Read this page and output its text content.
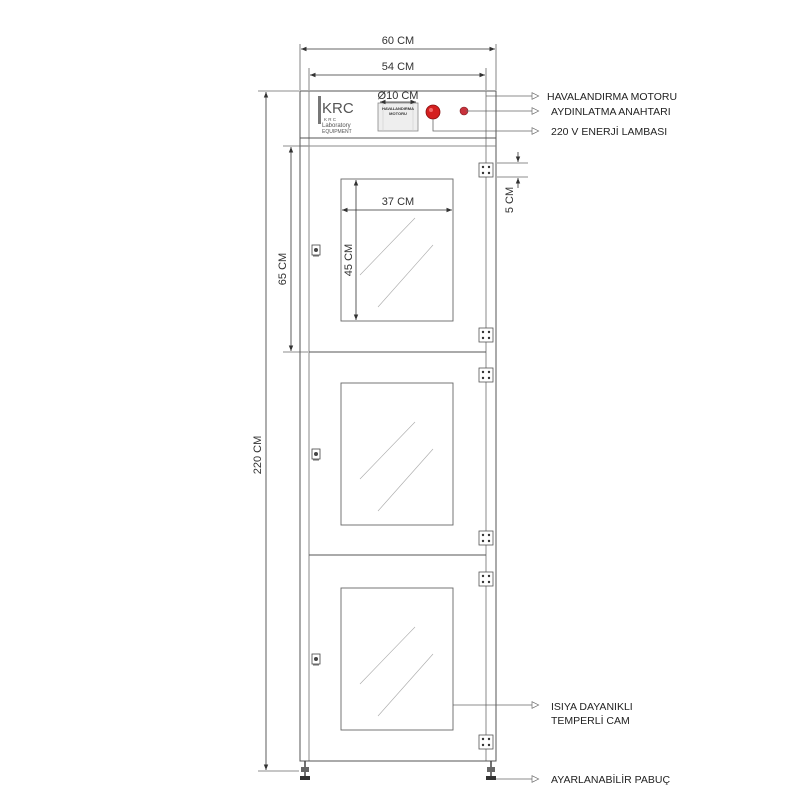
KRC
K R C
Laboratory
EQUIPMENT
HAVALANDIRMA
MOTORU
60 CM
54 CM
Ø10 CM
37 CM
45 CM
65 CM
220 CM
5 CM
HAVALANDIRMA MOTORU
AYDINLATMA ANAHTARI
220 V ENERJİ LAMBASI
ISIYA DAYANIKLI
TEMPERLİ CAM
AYARLANABİLİR PABUÇ
